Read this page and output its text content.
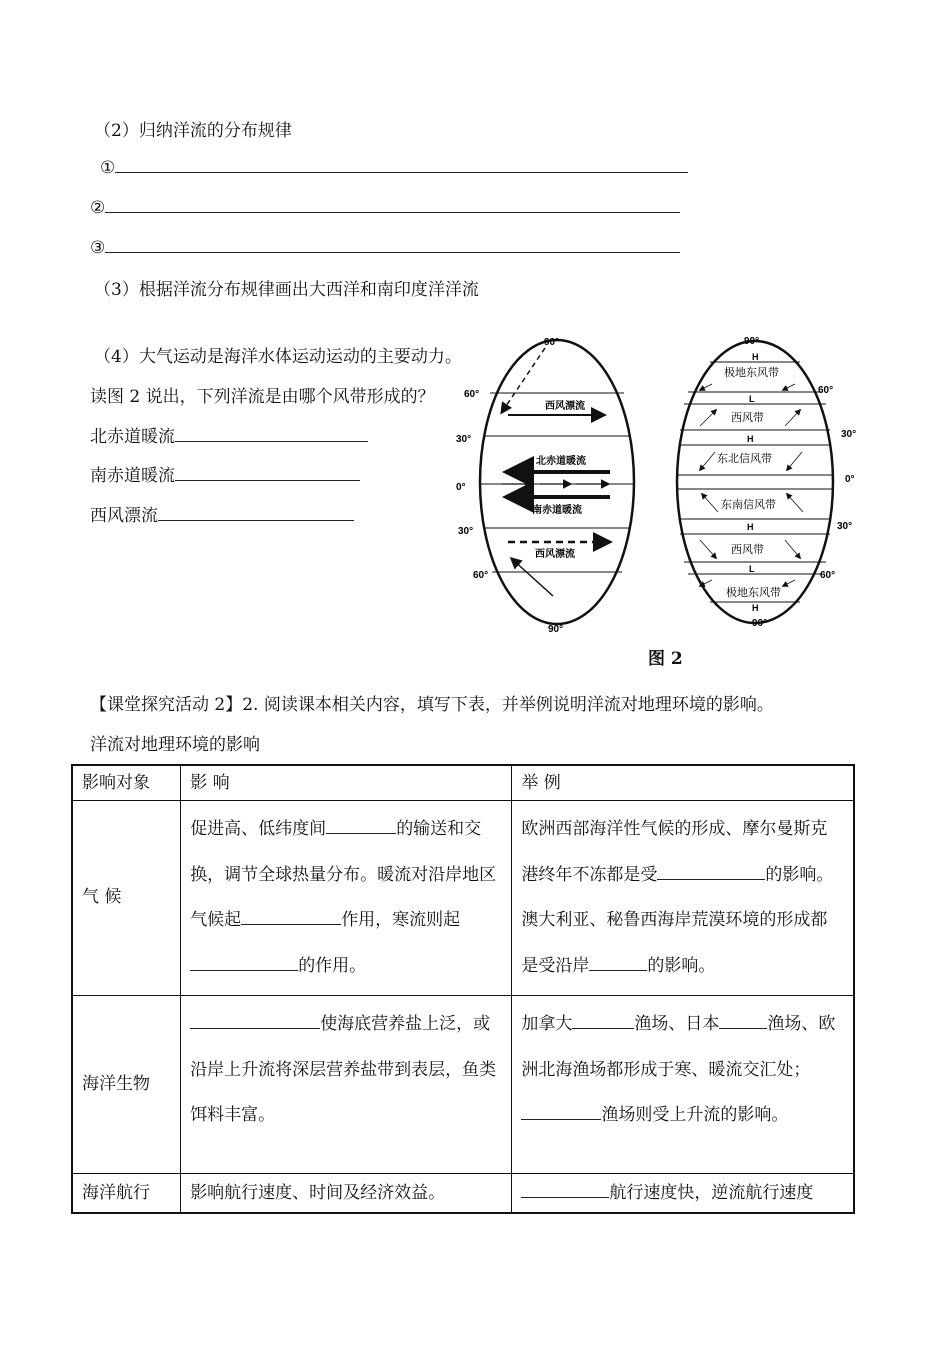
（2）归纳洋流的分布规律
①
②
③
（3）根据洋流分布规律画出大西洋和南印度洋洋流
（4）大气运动是海洋水体运动运动的主要动力。
读图 2 说出，下列洋流是由哪个风带形成的？
北赤道暖流
南赤道暖流
西风漂流
西风漂流
北赤道暖流
南赤道暖流
西风漂流
90°
60°
30°
0°
30°
60°
90°
H
L
H
H
L
H
极地东风带
西风带
东北信风带
东南信风带
西风带
极地东风带
90°
60°
30°
0°
30°
60°
90°
图 2
【课堂探究活动 2】2. 阅读课本相关内容，填写下表，并举例说明洋流对地理环境的影响。
洋流对地理环境的影响
影响对象	影 响	举 例
气 候	促进高、低纬度间 的输送和交换，调节全球热量分布。暖流对沿岸地区气候起 作用，寒流则起的作用。	欧洲西部海洋性气候的形成、摩尔曼斯克港终年不冻都是受 的影响。澳大利亚、秘鲁西海岸荒漠环境的形成都是受沿岸 的影响。
海洋生物	使海底营养盐上泛，或沿岸上升流将深层营养盐带到表层，鱼类饵料丰富。	加拿大 渔场、日本 渔场、欧洲北海渔场都形成于寒、暖流交汇处；渔场则受上升流的影响。
海洋航行	影响航行速度、时间及经济效益。	航行速度快，逆流航行速度
